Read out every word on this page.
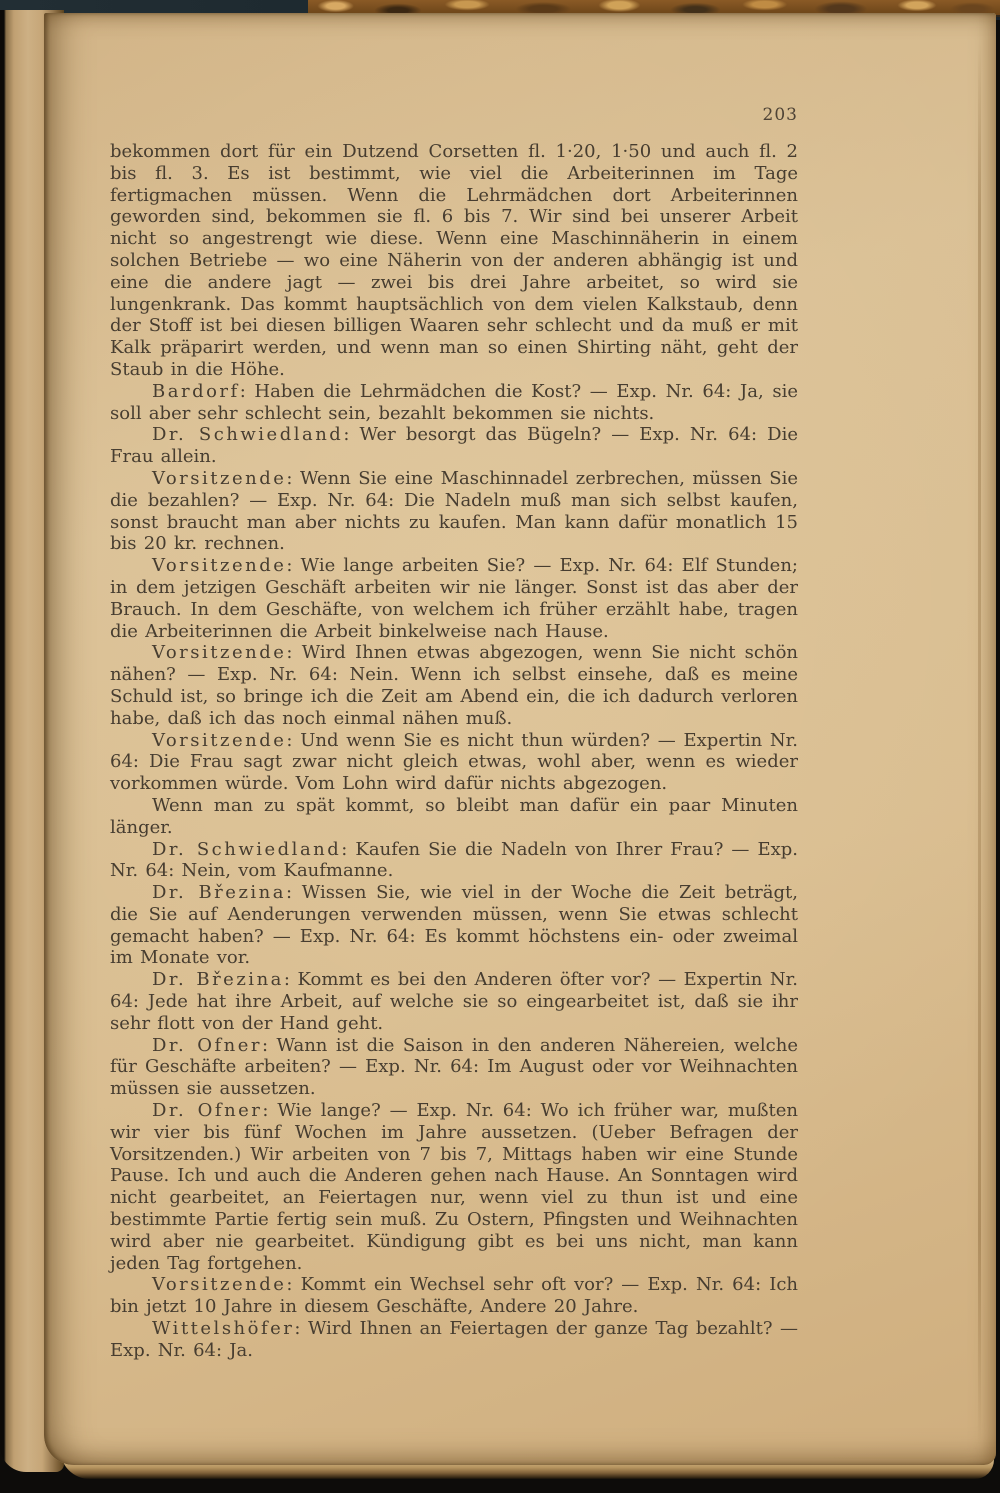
203

bekommen dort für ein Dutzend Corsetten fl. 1·20, 1·50 und auch fl. 2 bis fl. 3. Es ist bestimmt, wie viel die Arbeiterinnen im Tage fertigmachen müssen. Wenn die Lehrmädchen dort Arbeiterinnen geworden sind, bekommen sie fl. 6 bis 7. Wir sind bei unserer Arbeit nicht so angestrengt wie diese. Wenn eine Maschinnäherin in einem solchen Betriebe — wo eine Näherin von der anderen abhängig ist und eine die andere jagt — zwei bis drei Jahre arbeitet, so wird sie lungenkrank. Das kommt hauptsächlich von dem vielen Kalkstaub, denn der Stoff ist bei diesen billigen Waaren sehr schlecht und da muß er mit Kalk präparirt werden, und wenn man so einen Shirting näht, geht der Staub in die Höhe.

Bardorf: Haben die Lehrmädchen die Kost? — Exp. Nr. 64: Ja, sie soll aber sehr schlecht sein, bezahlt bekommen sie nichts.

Dr. Schwiedland: Wer besorgt das Bügeln? — Exp. Nr. 64: Die Frau allein.

Vorsitzende: Wenn Sie eine Maschinnadel zerbrechen, müssen Sie die bezahlen? — Exp. Nr. 64: Die Nadeln muß man sich selbst kaufen, sonst braucht man aber nichts zu kaufen. Man kann dafür monatlich 15 bis 20 kr. rechnen.

Vorsitzende: Wie lange arbeiten Sie? — Exp. Nr. 64: Elf Stunden; in dem jetzigen Geschäft arbeiten wir nie länger. Sonst ist das aber der Brauch. In dem Geschäfte, von welchem ich früher erzählt habe, tragen die Arbeiterinnen die Arbeit binkelweise nach Hause.

Vorsitzende: Wird Ihnen etwas abgezogen, wenn Sie nicht schön nähen? — Exp. Nr. 64: Nein. Wenn ich selbst einsehe, daß es meine Schuld ist, so bringe ich die Zeit am Abend ein, die ich dadurch verloren habe, daß ich das noch einmal nähen muß.

Vorsitzende: Und wenn Sie es nicht thun würden? — Expertin Nr. 64: Die Frau sagt zwar nicht gleich etwas, wohl aber, wenn es wieder vorkommen würde. Vom Lohn wird dafür nichts abgezogen.

Wenn man zu spät kommt, so bleibt man dafür ein paar Minuten länger.

Dr. Schwiedland: Kaufen Sie die Nadeln von Ihrer Frau? — Exp. Nr. 64: Nein, vom Kaufmanne.

Dr. Březina: Wissen Sie, wie viel in der Woche die Zeit beträgt, die Sie auf Aenderungen verwenden müssen, wenn Sie etwas schlecht gemacht haben? — Exp. Nr. 64: Es kommt höchstens ein- oder zweimal im Monate vor.

Dr. Březina: Kommt es bei den Anderen öfter vor? — Expertin Nr. 64: Jede hat ihre Arbeit, auf welche sie so eingearbeitet ist, daß sie ihr sehr flott von der Hand geht.

Dr. Ofner: Wann ist die Saison in den anderen Nähereien, welche für Geschäfte arbeiten? — Exp. Nr. 64: Im August oder vor Weihnachten müssen sie aussetzen.

Dr. Ofner: Wie lange? — Exp. Nr. 64: Wo ich früher war, mußten wir vier bis fünf Wochen im Jahre aussetzen. (Ueber Befragen der Vorsitzenden.) Wir arbeiten von 7 bis 7, Mittags haben wir eine Stunde Pause. Ich und auch die Anderen gehen nach Hause. An Sonntagen wird nicht gearbeitet, an Feiertagen nur, wenn viel zu thun ist und eine bestimmte Partie fertig sein muß. Zu Ostern, Pfingsten und Weihnachten wird aber nie gearbeitet. Kündigung gibt es bei uns nicht, man kann jeden Tag fortgehen.

Vorsitzende: Kommt ein Wechsel sehr oft vor? — Exp. Nr. 64: Ich bin jetzt 10 Jahre in diesem Geschäfte, Andere 20 Jahre.

Wittelshöfer: Wird Ihnen an Feiertagen der ganze Tag bezahlt? — Exp. Nr. 64: Ja.
